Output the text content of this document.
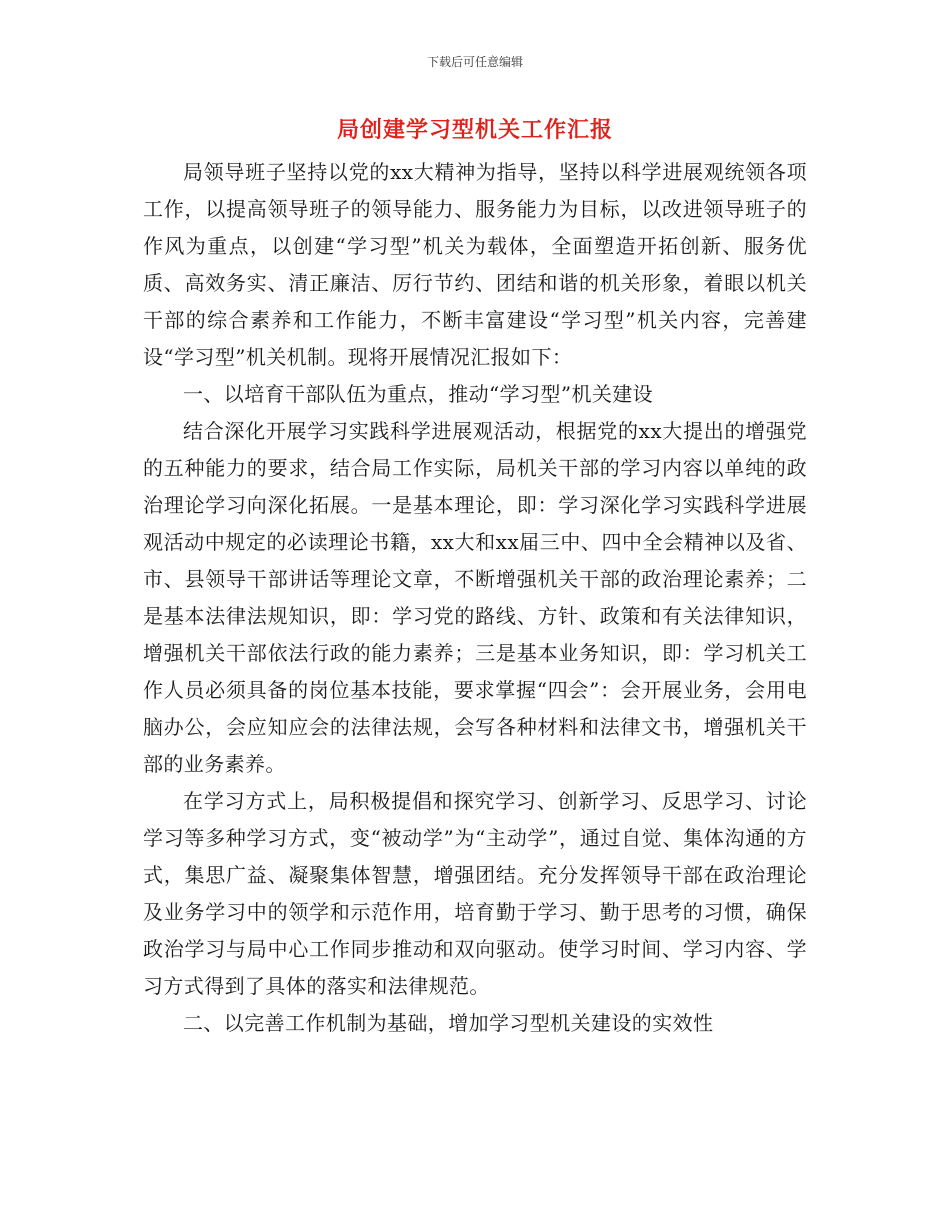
下载后可任意编辑
局创建学习型机关工作汇报

局领导班子坚持以党的xx大精神为指导，坚持以科学进展观统领各项工作，以提高领导班子的领导能力、服务能力为目标，以改进领导班子的作风为重点，以创建“学习型”机关为载体，全面塑造开拓创新、服务优质、高效务实、清正廉洁、厉行节约、团结和谐的机关形象，着眼以机关干部的综合素养和工作能力，不断丰富建设“学习型”机关内容，完善建设“学习型”机关机制。现将开展情况汇报如下：

一、以培育干部队伍为重点，推动“学习型”机关建设

结合深化开展学习实践科学进展观活动，根据党的xx大提出的增强党的五种能力的要求，结合局工作实际，局机关干部的学习内容以单纯的政治理论学习向深化拓展。一是基本理论，即：学习深化学习实践科学进展观活动中规定的必读理论书籍，xx大和xx届三中、四中全会精神以及省、市、县领导干部讲话等理论文章，不断增强机关干部的政治理论素养；二是基本法律法规知识，即：学习党的路线、方针、政策和有关法律知识，增强机关干部依法行政的能力素养；三是基本业务知识，即：学习机关工作人员必须具备的岗位基本技能，要求掌握“四会”：会开展业务，会用电脑办公，会应知应会的法律法规，会写各种材料和法律文书，增强机关干部的业务素养。

在学习方式上，局积极提倡和探究学习、创新学习、反思学习、讨论学习等多种学习方式，变“被动学”为“主动学”，通过自觉、集体沟通的方式，集思广益、凝聚集体智慧，增强团结。充分发挥领导干部在政治理论及业务学习中的领学和示范作用，培育勤于学习、勤于思考的习惯，确保政治学习与局中心工作同步推动和双向驱动。使学习时间、学习内容、学习方式得到了具体的落实和法律规范。

二、以完善工作机制为基础，增加学习型机关建设的实效性
